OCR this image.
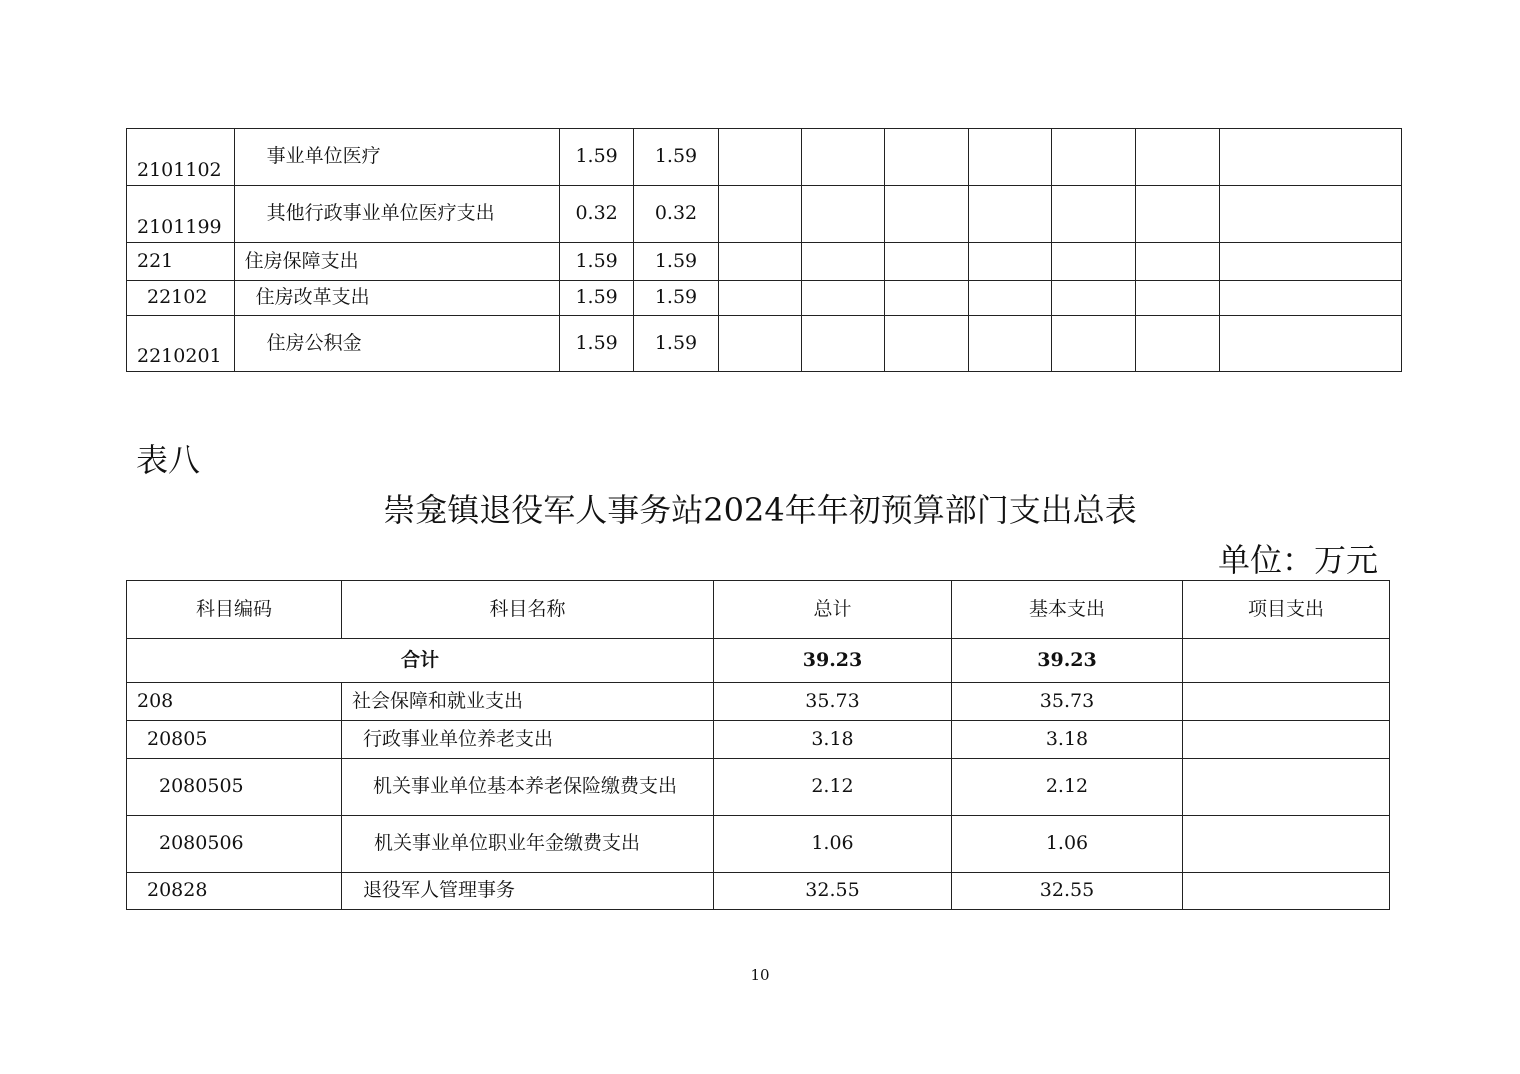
2101102	事业单位医疗	1.59	1.59							
2101199	其他行政事业单位医疗支出	0.32	0.32							
221	住房保障支出	1.59	1.59							
22102	住房改革支出	1.59	1.59							
2210201	住房公积金	1.59	1.59							
表八
崇龛镇退役军人事务站2024年年初预算部门支出总表
单位：万元
科目编码	科目名称	总计	基本支出	项目支出
合计		39.23	39.23	
208	社会保障和就业支出	35.73	35.73	
20805	行政事业单位养老支出	3.18	3.18	
2080505	机关事业单位基本养老保险缴费支出	2.12	2.12	
2080506	机关事业单位职业年金缴费支出	1.06	1.06	
20828	退役军人管理事务	32.55	32.55	
10
